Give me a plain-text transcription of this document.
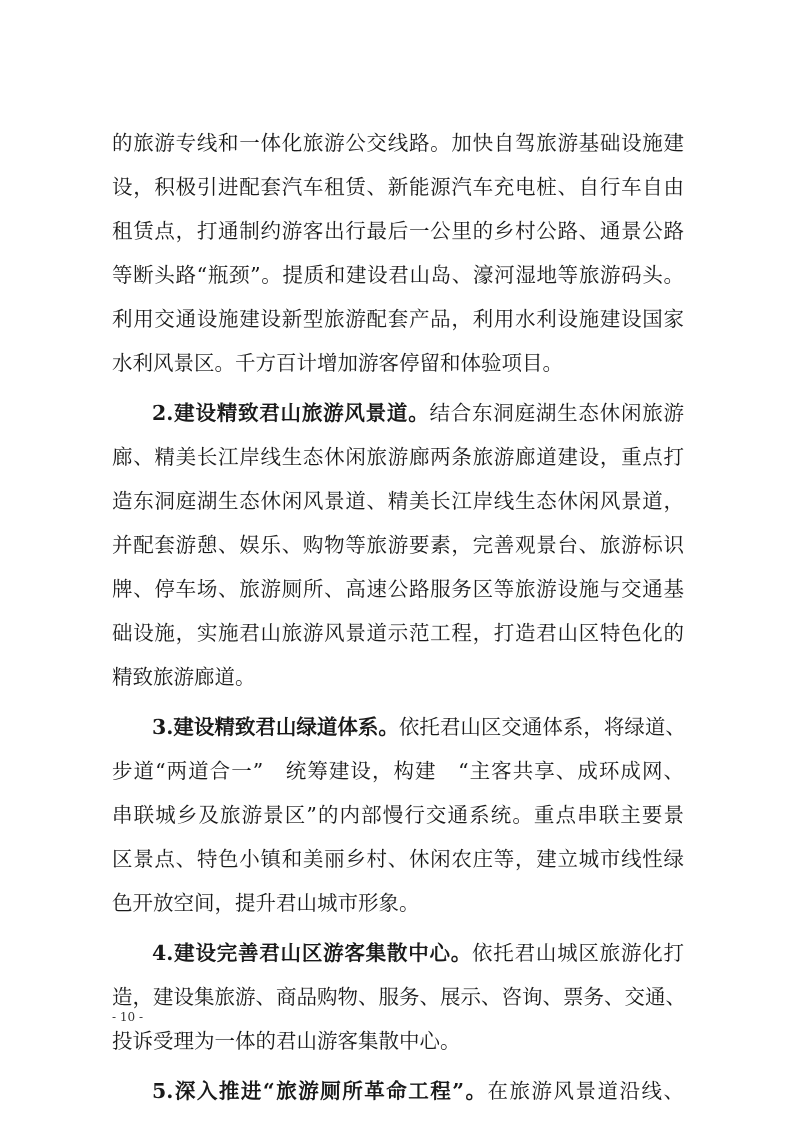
的旅游专线和一体化旅游公交线路。加快自驾旅游基础设施建
设，积极引进配套汽车租赁、新能源汽车充电桩、自行车自由
租赁点，打通制约游客出行最后一公里的乡村公路、通景公路
等断头路“瓶颈”。提质和建设君山岛、濠河湿地等旅游码头。
利用交通设施建设新型旅游配套产品，利用水利设施建设国家
水利风景区。千方百计增加游客停留和体验项目。
2.建设精致君山旅游风景道。结合东洞庭湖生态休闲旅游
廊、精美长江岸线生态休闲旅游廊两条旅游廊道建设，重点打
造东洞庭湖生态休闲风景道、精美长江岸线生态休闲风景道，
并配套游憩、娱乐、购物等旅游要素，完善观景台、旅游标识
牌、停车场、旅游厕所、高速公路服务区等旅游设施与交通基
础设施，实施君山旅游风景道示范工程，打造君山区特色化的
精致旅游廊道。
3.建设精致君山绿道体系。依托君山区交通体系，将绿道、
步道“两道合一”　统筹建设，构建　“主客共享、成环成网、
串联城乡及旅游景区”的内部慢行交通系统。重点串联主要景
区景点、特色小镇和美丽乡村、休闲农庄等，建立城市线性绿
色开放空间，提升君山城市形象。
4.建设完善君山区游客集散中心。依托君山城区旅游化打
造，建设集旅游、商品购物、服务、展示、咨询、票务、交通、
投诉受理为一体的君山游客集散中心。
5.深入推进“旅游厕所革命工程”。在旅游风景道沿线、
- 10 -
